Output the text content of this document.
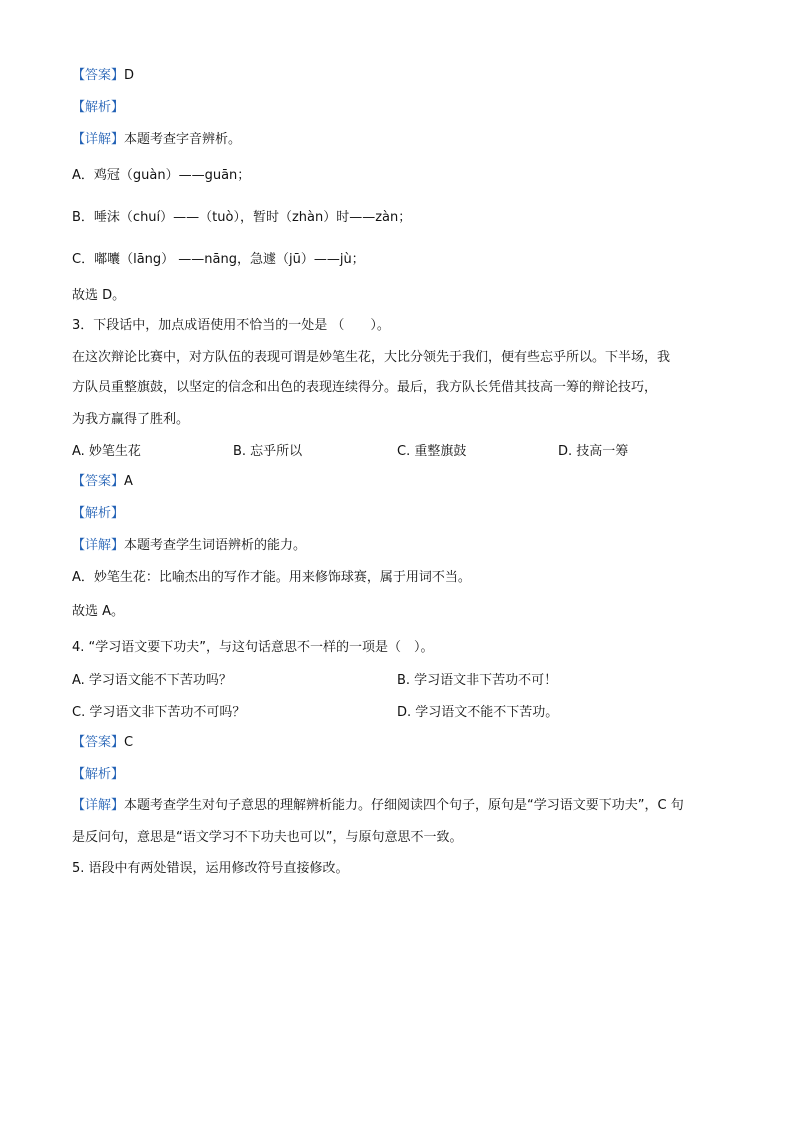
【答案】D
【解析】
【详解】本题考查字音辨析。
A．鸡冠（guàn）——guān；
B．唾沫（chuí）——（tuò），暂时（zhàn）时——zàn；
C．嘟囔（lāng） ——nāng，急遽（jū）——jù；
故选 D。
3．下段话中，加点成语使用不恰当的一处是 （　　）。
在这次辩论比赛中，对方队伍的表现可谓是妙笔生花，大比分领先于我们，便有些忘乎所以。下半场，我
方队员重整旗鼓，以坚定的信念和出色的表现连续得分。最后，我方队长凭借其技高一筹的辩论技巧，
为我方赢得了胜利。
A. 妙笔生花	B. 忘乎所以	C. 重整旗鼓	D. 技高一筹
【答案】A
【解析】
【详解】本题考查学生词语辨析的能力。
A．妙笔生花：比喻杰出的写作才能。用来修饰球赛，属于用词不当。
故选 A。
4. “学习语文要下功夫”，与这句话意思不一样的一项是（　）。
A. 学习语文能不下苦功吗？	B. 学习语文非下苦功不可！
C. 学习语文非下苦功不可吗？	D. 学习语文不能不下苦功。
【答案】C
【解析】
【详解】本题考查学生对句子意思的理解辨析能力。仔细阅读四个句子，原句是“学习语文要下功夫”，C 句
是反问句，意思是“语文学习不下功夫也可以”，与原句意思不一致。
5. 语段中有两处错误，运用修改符号直接修改。
